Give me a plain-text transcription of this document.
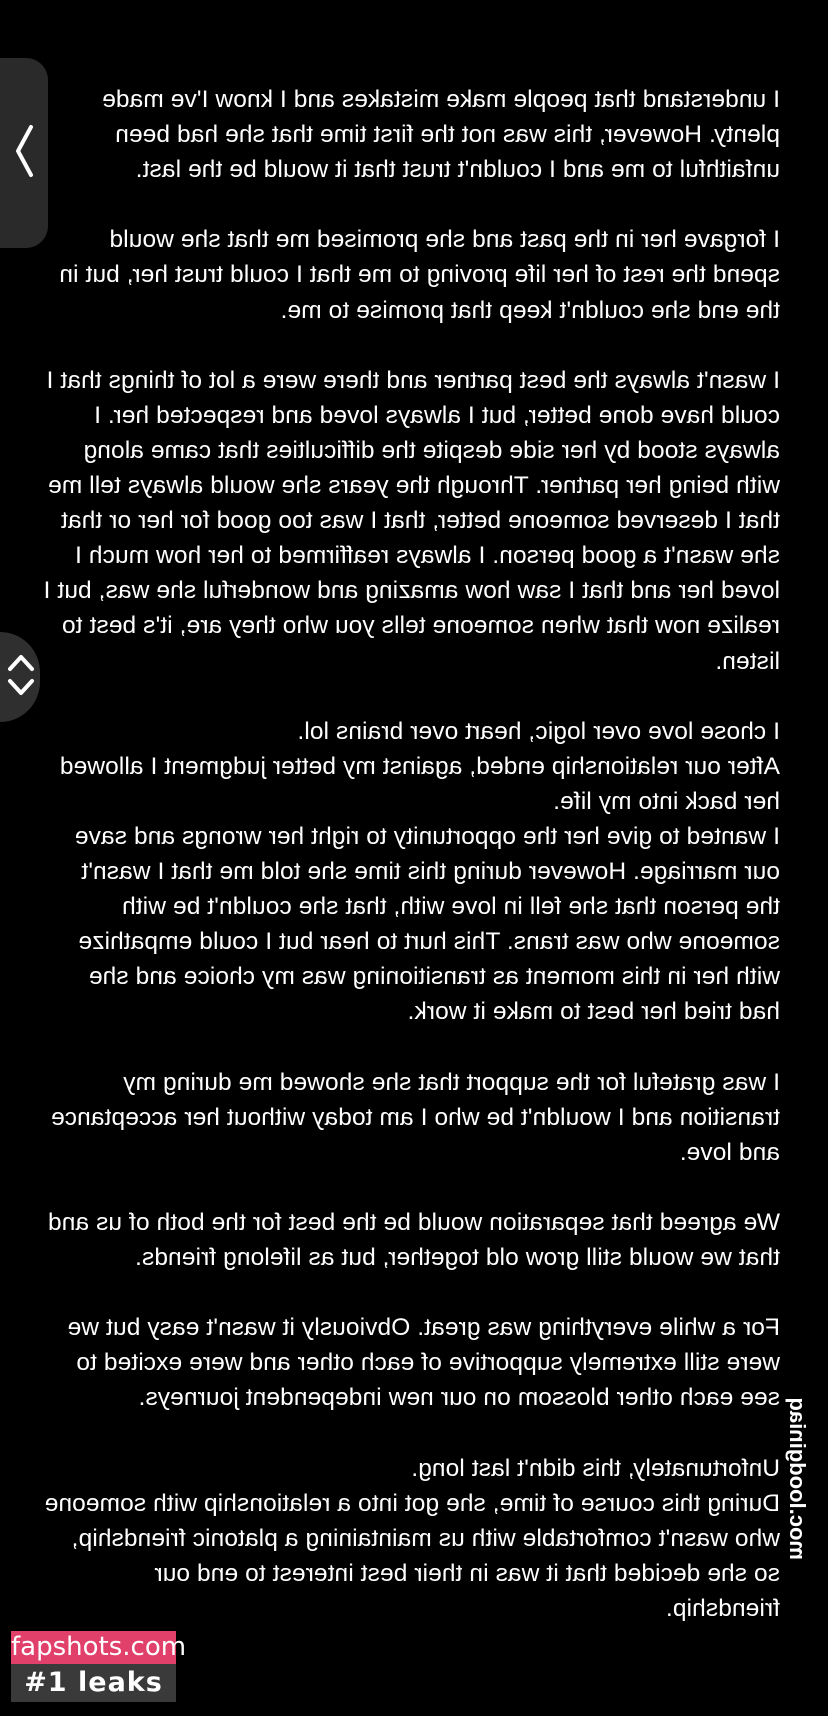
I understand that people make mistakes and I know I've made plenty. However, this was not the first time that she had been unfaithful to me and I couldn't trust that it would be the last.

I forgave her in the past and she promised me that she would spend the rest of her life proving to me that I could trust her, but in the end she couldn't keep that promise to me.

I wasn't always the best partner and there were a lot of things that I could have done better, but I always loved and respected her. I always stood by her side despite the difficulties that came along with being her partner. Through the years she would always tell me that I deserved someone better, that I was too good for her or that she wasn't a good person. I always reaffirmed to her how much I loved her and that I saw how amazing and wonderful she was, but I realize now that when someone tells you who they are, it's best to listen.

I chose love over logic, heart over brains lol.
After our relationship ended, against my better judgment I allowed her back into my life.
I wanted to give her the opportunity to right her wrongs and save our marriage. However during this time she told me that I wasn't the person that she fell in love with, that she couldn't be with someone who was trans. This hurt to hear but I could empathize with her in this moment as transitioning was my choice and she had tried her best to make it work.

I was grateful for the support that she showed me during my transition and I wouldn't be who I am today without her acceptance and love.

We agreed that separation would be the best for the both of us and that we would still grow old together, but as lifelong friends.

For a while everything was great. Obviously it wasn't easy but we were still extremely supportive of each other and were excited to see each other blossom on our new independent journeys.

Unfortunately, this didn't last long.
During this course of time, she got into a relationship with someone who wasn't comfortable with us maintaining a platonic friendship, so she decided that it was in their best interest to end our friendship.

moc.loodginiaq
fapshots.com
#1 leaks
